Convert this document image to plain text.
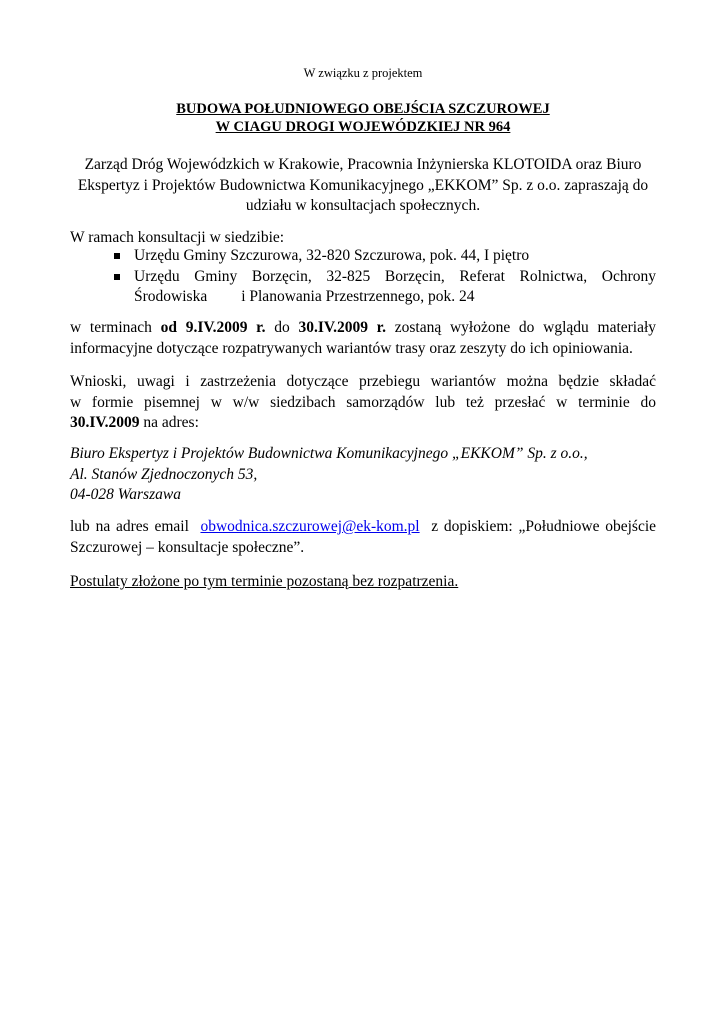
W związku z projektem
BUDOWA POŁUDNIOWEGO OBEJŚCIA SZCZUROWEJ
W CIAGU DROGI WOJEWÓDZKIEJ NR 964
Zarząd Dróg Wojewódzkich w Krakowie, Pracownia Inżynierska KLOTOIDA oraz Biuro
Ekspertyz i Projektów Budownictwa Komunikacyjnego „EKKOM” Sp. z o.o. zapraszają do
udziału w konsultacjach społecznych.
W ramach konsultacji w siedzibie:
Urzędu Gminy Szczurowa, 32-820 Szczurowa, pok. 44, I piętro
Urzędu Gminy Borzęcin, 32-825 Borzęcin, Referat Rolnictwa, Ochrony
Środowiska i Planowania Przestrzennego, pok. 24
w terminach od 9.IV.2009 r. do 30.IV.2009 r. zostaną wyłożone do wglądu materiały
informacyjne dotyczące rozpatrywanych wariantów trasy oraz zeszyty do ich opiniowania.
Wnioski, uwagi i zastrzeżenia dotyczące przebiegu wariantów można będzie składać
w formie pisemnej w w/w siedzibach samorządów lub też przesłać w terminie do
30.IV.2009 na adres:
Biuro Ekspertyz i Projektów Budownictwa Komunikacyjnego „EKKOM” Sp. z o.o.,
Al. Stanów Zjednoczonych 53,
04-028 Warszawa
lub na adres email obwodnica.szczurowej@ek-kom.pl z dopiskiem: „Południowe obejście
Szczurowej – konsultacje społeczne”.
Postulaty złożone po tym terminie pozostaną bez rozpatrzenia.
